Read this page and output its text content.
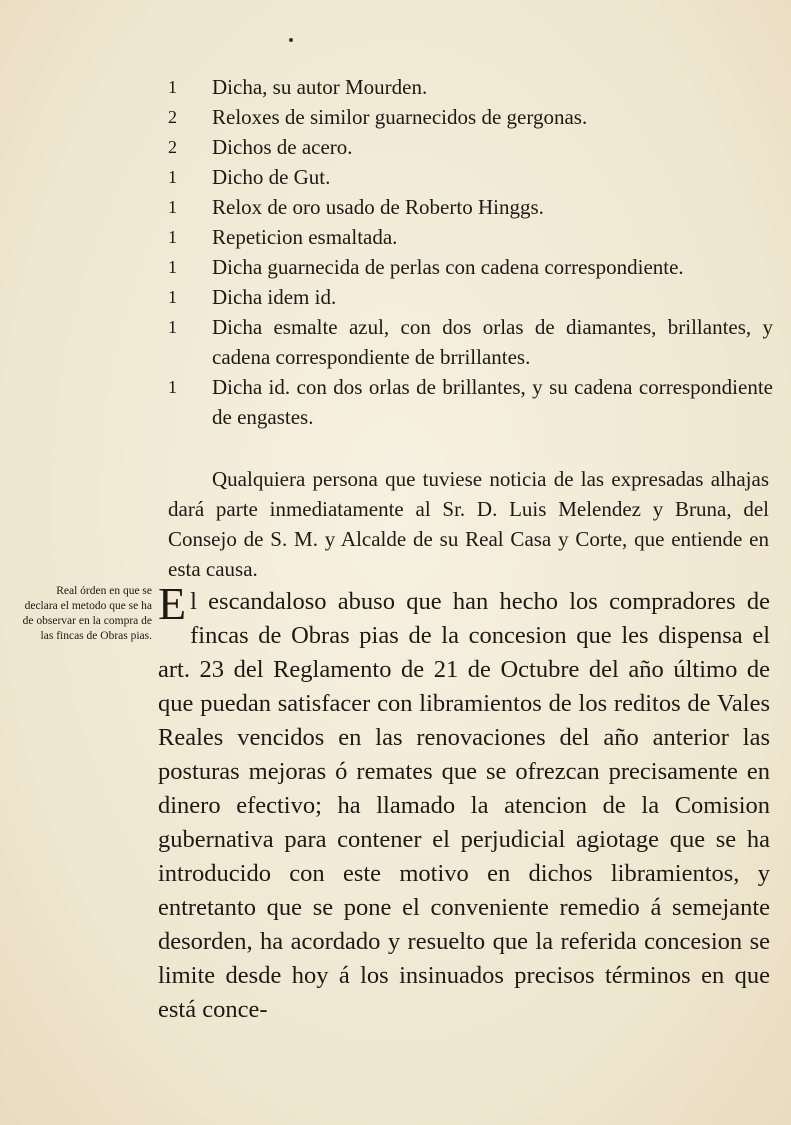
1	Dicha, su autor Mourden.
2	Reloxes de similor guarnecidos de gergonas.
2	Dichos de acero.
1	Dicho de Gut.
1	Relox de oro usado de Roberto Hinggs.
1	Repeticion esmaltada.
1	Dicha guarnecida de perlas con cadena correspondiente.
1	Dicha idem id.
1	Dicha esmalte azul, con dos orlas de diamantes, brillantes, y cadena correspondiente de brrillantes.
1	Dicha id. con dos orlas de brillantes, y su cadena correspondiente de engastes.

Qualquiera persona que tuviese noticia de las expresadas alhajas dará parte inmediatamente al Sr. D. Luis Melendez y Bruna, del Consejo de S. M. y Alcalde de su Real Casa y Corte, que entiende en esta causa.

Real órden en que se declara el metodo que se ha de observar en la compra de las fincas de Obras pias.
El escandaloso abuso que han hecho los compradores de fincas de Obras pias de la concesion que les dispensa el art. 23 del Reglamento de 21 de Octubre del año último de que puedan satisfacer con libramientos de los reditos de Vales Reales vencidos en las renovaciones del año anterior las posturas mejoras ó remates que se ofrezcan precisamente en dinero efectivo; ha llamado la atencion de la Comision gubernativa para contener el perjudicial agiotage que se ha introducido con este motivo en dichos libramientos, y entretanto que se pone el conveniente remedio á semejante desorden, ha acordado y resuelto que la referida concesion se limite desde hoy á los insinuados precisos términos en que está conce-
